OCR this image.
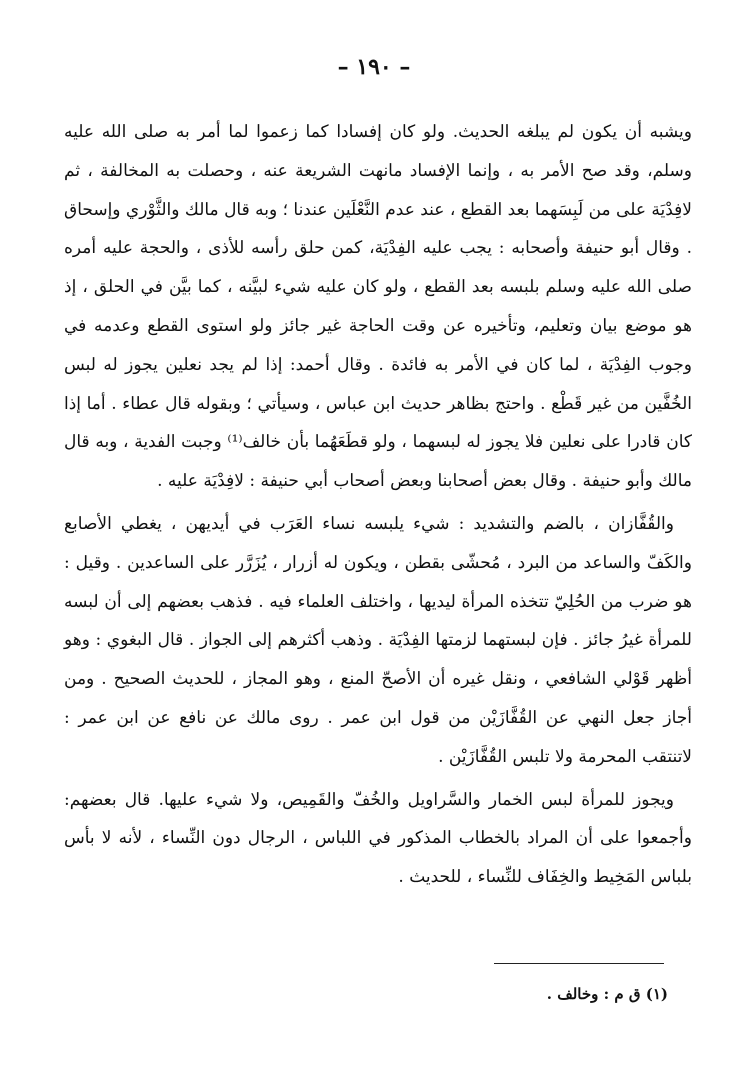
– ١٩٠ –

ويشبه أن يكون لم يبلغه الحديث. ولو كان إفسادا كما زعموا لما أمر به صلى الله عليه وسلم، وقد صح الأمر به ، وإنما الإفساد مانهت الشريعة عنه ، وحصلت به المخالفة ، ثم لافِدْيَة على من لَبِسَهما بعد القطع ، عند عدم النَّعْلَين عندنا ؛ وبه قال مالك والثَّوْري وإسحاق . وقال أبو حنيفة وأصحابه : يجب عليه الفِدْيَة، كمن حلق رأسه للأذى ، والحجة عليه أمره صلى الله عليه وسلم بلبسه بعد القطع ، ولو كان عليه شيء لبيَّنه ، كما بيَّن في الحلق ، إذ هو موضع بيان وتعليم، وتأخيره عن وقت الحاجة غير جائز ولو استوى القطع وعدمه في وجوب الفِدْيَة ، لما كان في الأمر به فائدة . وقال أحمد: إذا لم يجد نعلين يجوز له لبس الخُفَّين من غير قَطْع . واحتج بظاهر حديث ابن عباس ، وسيأتي ؛ وبقوله قال عطاء . أما إذا كان قادرا على نعلين فلا يجوز له لبسهما ، ولو قطَعَهُما بأن خالف⁽¹⁾ وجبت الفدية ، وبه قال مالك وأبو حنيفة . وقال بعض أصحابنا وبعض أصحاب أبي حنيفة : لافِدْيَة عليه .

والقُفَّازان ، بالضم والتشديد : شيء يلبسه نساء العَرَب في أيديهن ، يغطي الأصابع والكَفّ والساعد من البرد ، مُحشّى بقطن ، ويكون له أزرار ، يُزَرَّر على الساعدين . وقيل : هو ضرب من الحُلِيّ تتخذه المرأة ليديها ، واختلف العلماء فيه . فذهب بعضهم إلى أن لبسه للمرأة غيرُ جائز . فإن لبستهما لزمتها الفِدْيَة . وذهب أكثرهم إلى الجواز . قال البغوي : وهو أظهر قَوْلي الشافعي ، ونقل غيره أن الأصحّ المنع ، وهو المجاز ، للحديث الصحيح . ومن أجاز جعل النهي عن القُفَّازَيْن من قول ابن عمر . روى مالك عن نافع عن ابن عمر : لاتنتقب المحرمة ولا تلبس القُفَّازَيْن .

ويجوز للمرأة لبس الخمار والسَّراويل والخُفّ والقَمِيص، ولا شيء عليها. قال بعضهم: وأجمعوا على أن المراد بالخطاب المذكور في اللباس ، الرجال دون النِّساء ، لأنه لا بأس بلباس المَخِيط والخِفَاف للنِّساء ، للحديث .

(١) ق م : وخالف .
